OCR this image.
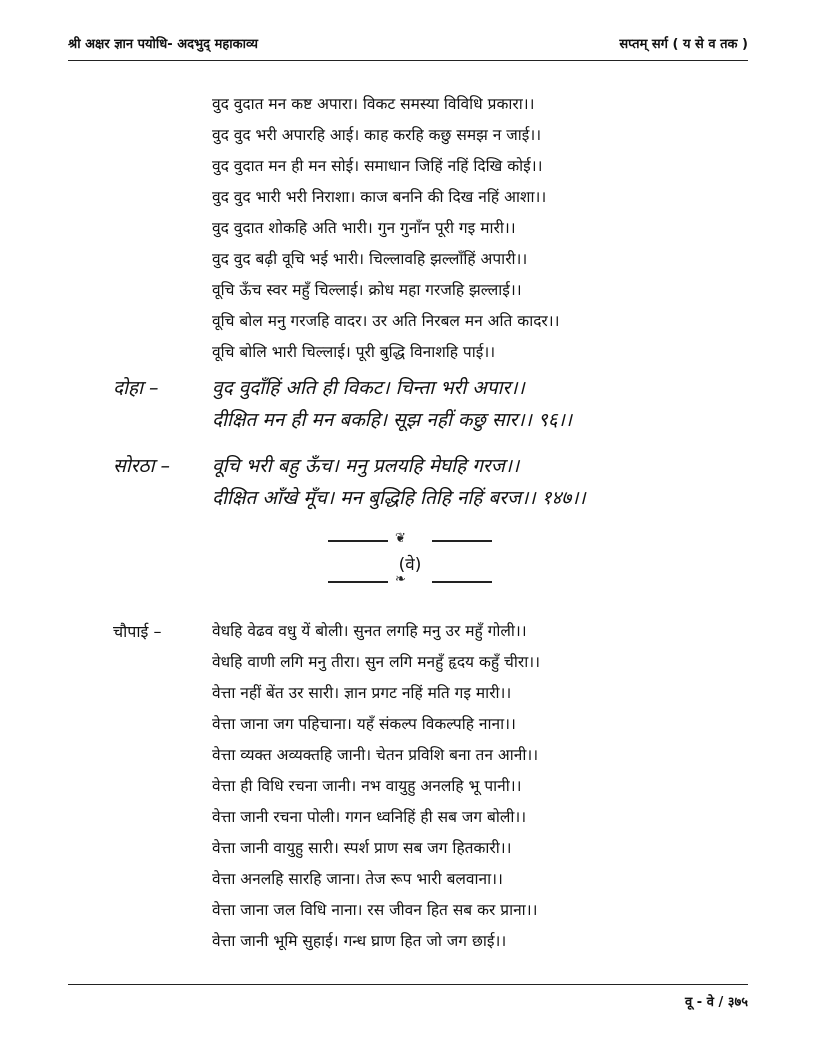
श्री अक्षर ज्ञान पयोधि- अदभुद् महाकाव्य	सप्तम् सर्ग ( य से व तक )
वुद वुदात मन कष्ट अपारा। विकट समस्या विविधि प्रकारा।।
वुद वुद भरी अपारहि आई। काह करहि कछु समझ न जाई।।
वुद वुदात मन ही मन सोई। समाधान जिहिं नहिं दिखि कोई।।
वुद वुद भारी भरी निराशा। काज बननि की दिख नहिं आशा।।
वुद वुदात शोकहि अति भारी। गुन गुनाँन पूरी गइ मारी।।
वुद वुद बढ़ी वूचि भई भारी। चिल्लावहि झल्लाँहिं अपारी।।
वूचि ऊँच स्वर महुँ चिल्लाई। क्रोध महा गरजहि झल्लाई।।
वूचि बोल मनु गरजहि वादर। उर अति निरबल मन अति कादर।।
वूचि बोलि भारी चिल्लाई। पूरी बुद्धि विनाशहि पाई।।
दोहा –	वुद वुदाँहिं अति ही विकट। चिन्ता भरी अपार।।
दीक्षित मन ही मन बकहि। सूझ नहीं कछु सार।। ९६।।
सोरठा – वूचि भरी बहु ऊँच। मनु प्रलयहि मेघहि गरज।।
दीक्षित आँखे मूँच। मन बुद्धिहि तिहि नहिं बरज।। १४७।।
❦
(वे)
❧
चौपाई –	वेधहि वेढव वधु यें बोली। सुनत लगहि मनु उर महुँ गोली।।
वेधहि वाणी लगि मनु तीरा। सुन लगि मनहुँ हृदय कहुँ चीरा।।
वेत्ता नहीं बेंत उर सारी। ज्ञान प्रगट नहिं मति गइ मारी।।
वेत्ता जाना जग पहिचाना। यहँ संकल्प विकल्पहि नाना।।
वेत्ता व्यक्त अव्यक्तहि जानी। चेतन प्रविशि बना तन आनी।।
वेत्ता ही विधि रचना जानी। नभ वायुहु अनलहि भू पानी।।
वेत्ता जानी रचना पोली। गगन ध्वनिहिं ही सब जग बोली।।
वेत्ता जानी वायुहु सारी। स्पर्श प्राण सब जग हितकारी।।
वेत्ता अनलहि सारहि जाना। तेज रूप भारी बलवाना।।
वेत्ता जाना जल विधि नाना। रस जीवन हित सब कर प्राना।।
वेत्ता जानी भूमि सुहाई। गन्ध घ्राण हित जो जग छाई।।
वू - वे / ३७५
